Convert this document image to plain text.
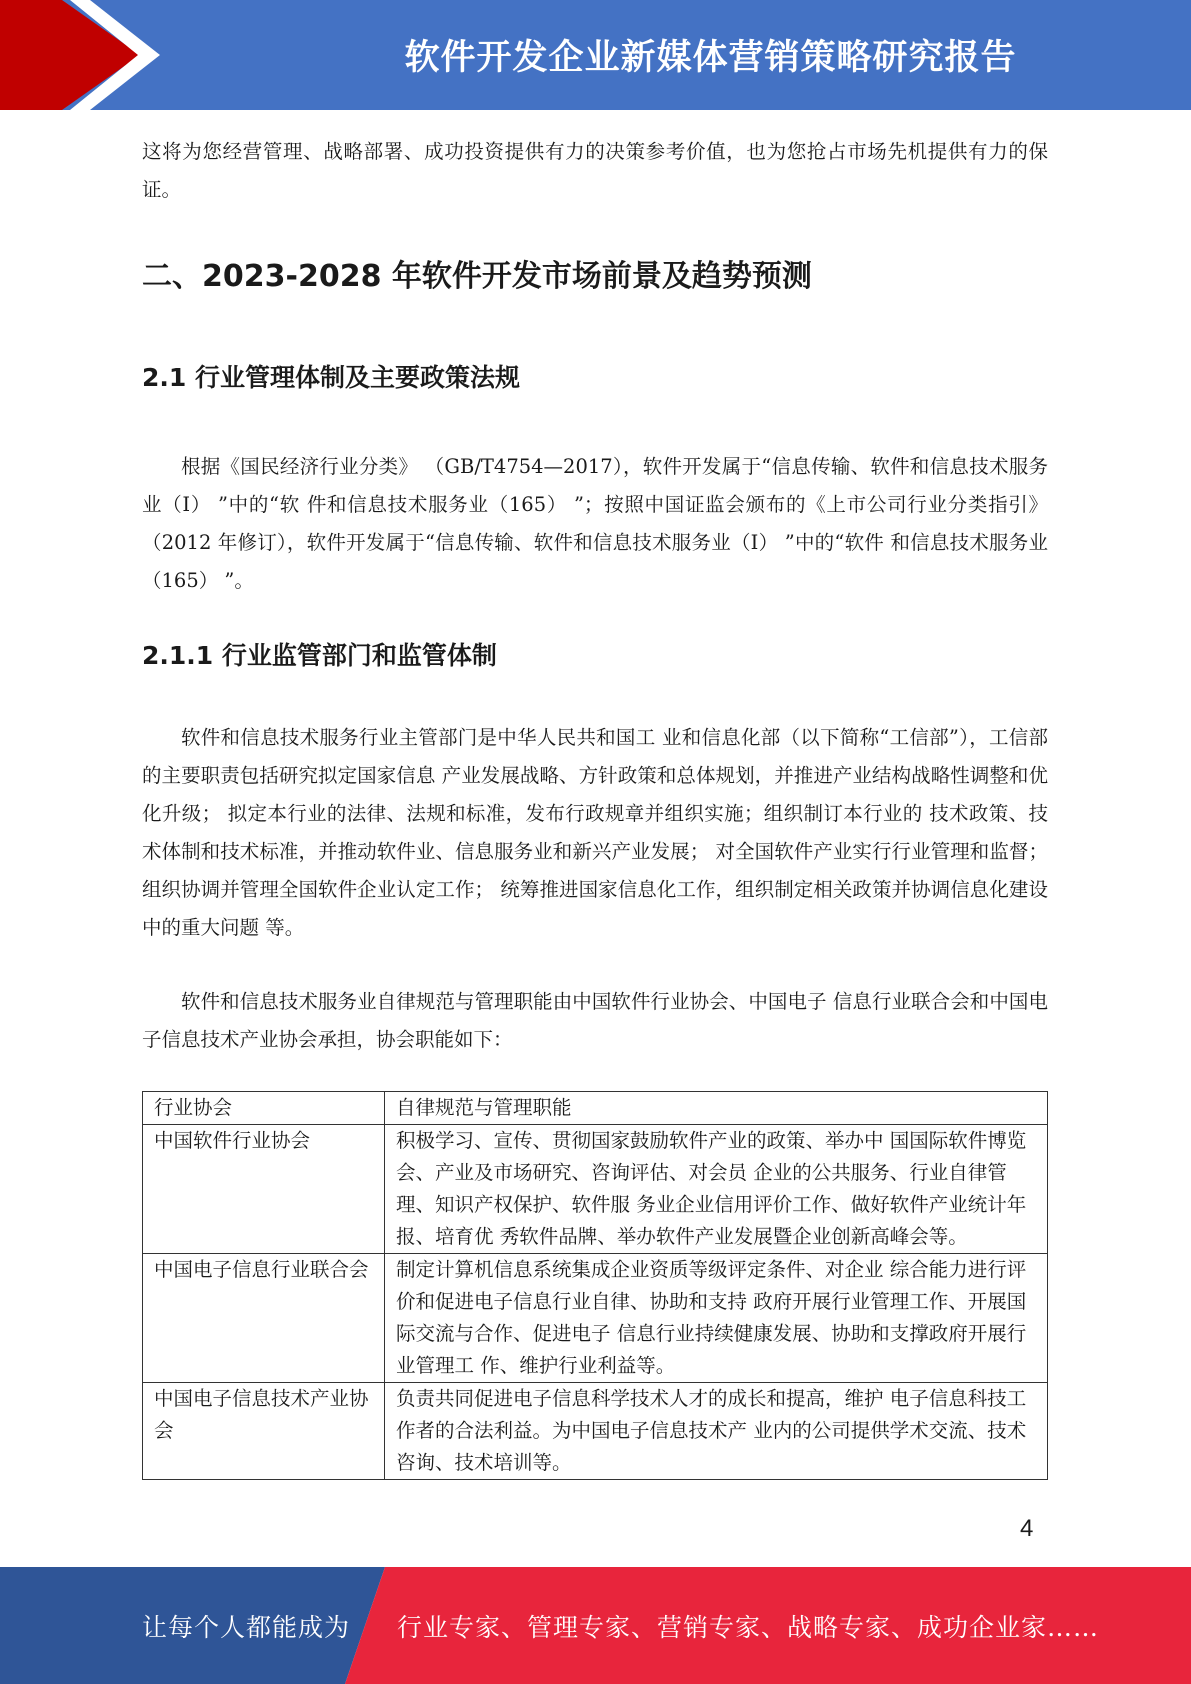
软件开发企业新媒体营销策略研究报告

这将为您经营管理、战略部署、成功投资提供有力的决策参考价值，也为您抢占市场先机提供有力的保证。

二、2023-2028 年软件开发市场前景及趋势预测
2.1 行业管理体制及主要政策法规

根据《国民经济行业分类》 （GB/T4754—2017），软件开发属于“信息传输、软件和信息技术服务业（I） ”中的“软 件和信息技术服务业（165） ”；按照中国证监会颁布的《上市公司行业分类指引》 （2012 年修订），软件开发属于“信息传输、软件和信息技术服务业（I） ”中的“软件 和信息技术服务业（165） ”。

2.1.1 行业监管部门和监管体制

软件和信息技术服务行业主管部门是中华人民共和国工 业和信息化部（以下简称“工信部”），工信部的主要职责包括研究拟定国家信息 产业发展战略、方针政策和总体规划，并推进产业结构战略性调整和优化升级； 拟定本行业的法律、法规和标准，发布行政规章并组织实施；组织制订本行业的 技术政策、技术体制和技术标准，并推动软件业、信息服务业和新兴产业发展； 对全国软件产业实行行业管理和监督；组织协调并管理全国软件企业认定工作； 统筹推进国家信息化工作，组织制定相关政策并协调信息化建设中的重大问题 等。

软件和信息技术服务业自律规范与管理职能由中国软件行业协会、中国电子 信息行业联合会和中国电子信息技术产业协会承担，协会职能如下：

行业协会	自律规范与管理职能
中国软件行业协会	积极学习、宣传、贯彻国家鼓励软件产业的政策、举办中 国国际软件博览会、产业及市场研究、咨询评估、对会员 企业的公共服务、行业自律管理、知识产权保护、软件服 务业企业信用评价工作、做好软件产业统计年报、培育优 秀软件品牌、举办软件产业发展暨企业创新高峰会等。
中国电子信息行业联合会	制定计算机信息系统集成企业资质等级评定条件、对企业 综合能力进行评价和促进电子信息行业自律、协助和支持 政府开展行业管理工作、开展国际交流与合作、促进电子 信息行业持续健康发展、协助和支撑政府开展行业管理工 作、维护行业利益等。
中国电子信息技术产业协会	负责共同促进电子信息科学技术人才的成长和提高，维护 电子信息科技工作者的合法利益。为中国电子信息技术产 业内的公司提供学术交流、技术咨询、技术培训等。
4
让每个人都能成为 行业专家、管理专家、营销专家、战略专家、成功企业家……
